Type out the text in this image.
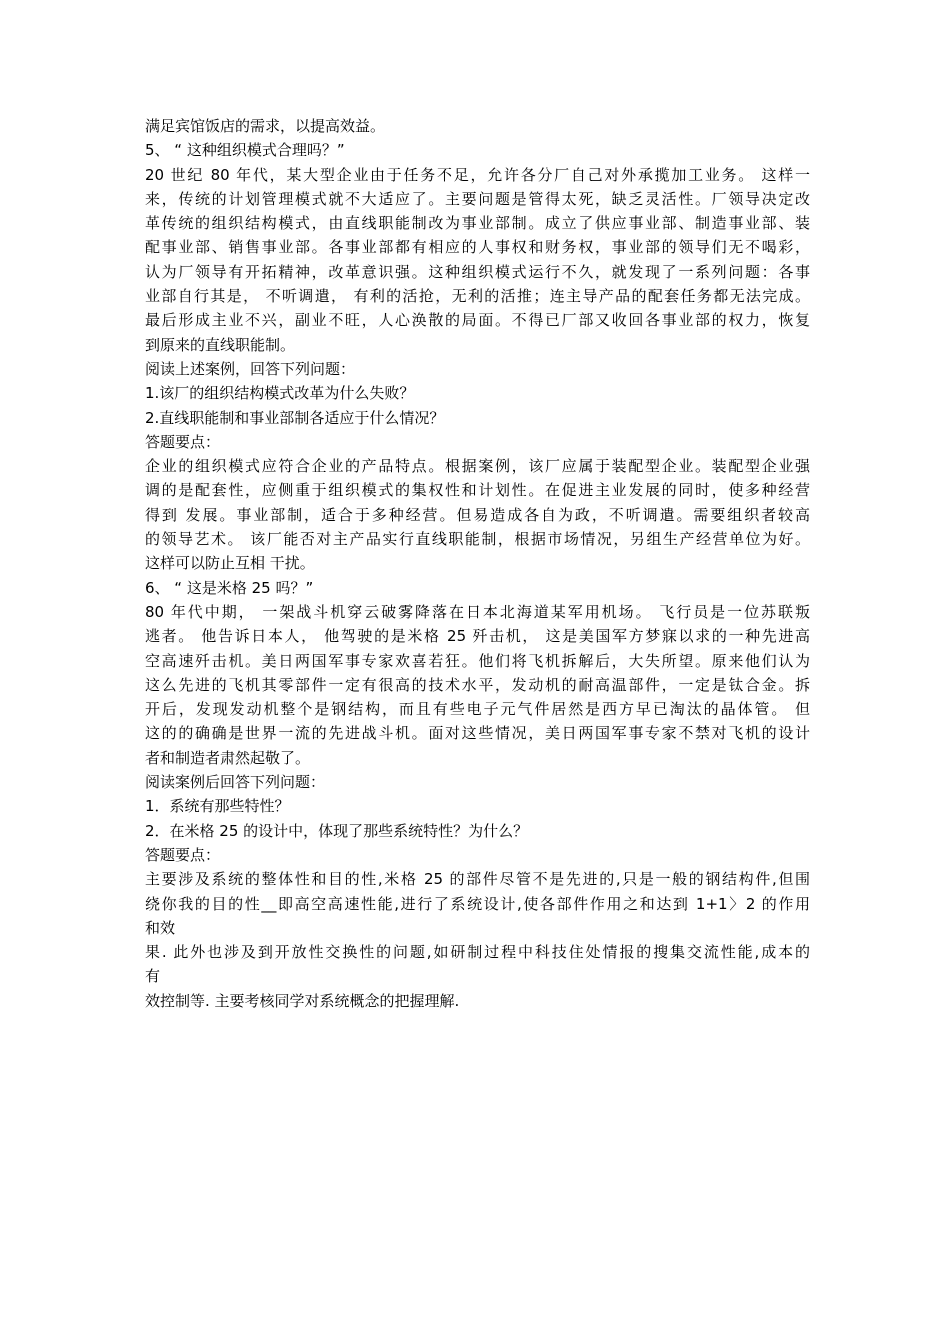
满足宾馆饭店的需求，以提高效益。
5、 “ 这种组织模式合理吗？”
20 世纪 80 年代，某大型企业由于任务不足，允许各分厂自己对外承揽加工业务。 这样一
来，传统的计划管理模式就不大适应了。主要问题是管得太死，缺乏灵活性。厂领导决定改
革传统的组织结构模式，由直线职能制改为事业部制。成立了供应事业部、制造事业部、装
配事业部、销售事业部。各事业部都有相应的人事权和财务权，事业部的领导们无不喝彩，
认为厂领导有开拓精神，改革意识强。这种组织模式运行不久，就发现了一系列问题：各事
业部自行其是， 不听调遣， 有利的活抢，无利的活推；连主导产品的配套任务都无法完成。
最后形成主业不兴，副业不旺，人心涣散的局面。不得已厂部又收回各事业部的权力，恢复
到原来的直线职能制。
阅读上述案例，回答下列问题：
1.该厂的组织结构模式改革为什么失败？
2.直线职能制和事业部制各适应于什么情况？
答题要点：
企业的组织模式应符合企业的产品特点。根据案例，该厂应属于装配型企业。装配型企业强
调的是配套性，应侧重于组织模式的集权性和计划性。在促进主业发展的同时，使多种经营
得到 发展。事业部制，适合于多种经营。但易造成各自为政，不听调遣。需要组织者较高
的领导艺术。 该厂能否对主产品实行直线职能制，根据市场情况，另组生产经营单位为好。
这样可以防止互相 干扰。
6、 “ 这是米格 25 吗？”
80 年代中期， 一架战斗机穿云破雾降落在日本北海道某军用机场。 飞行员是一位苏联叛
逃者。 他告诉日本人， 他驾驶的是米格 25 歼击机， 这是美国军方梦寐以求的一种先进高
空高速歼击机。美日两国军事专家欢喜若狂。他们将飞机拆解后，大失所望。原来他们认为
这么先进的飞机其零部件一定有很高的技术水平，发动机的耐高温部件，一定是钛合金。拆
开后，发现发动机整个是钢结构，而且有些电子元气件居然是西方早已淘汰的晶体管。 但
这的的确确是世界一流的先进战斗机。面对这些情况，美日两国军事专家不禁对飞机的设计
者和制造者肃然起敬了。
阅读案例后回答下列问题：
1．系统有那些特性？
2．在米格 25 的设计中，体现了那些系统特性？为什么？
答题要点：
主要涉及系统的整体性和目的性,米格 25 的部件尽管不是先进的,只是一般的钢结构件,但围
绕你我的目的性__即高空高速性能,进行了系统设计,使各部件作用之和达到 1+1〉2 的作用
和效
果. 此外也涉及到开放性交换性的问题,如研制过程中科技住处情报的搜集交流性能,成本的
有
效控制等. 主要考核同学对系统概念的把握理解.
